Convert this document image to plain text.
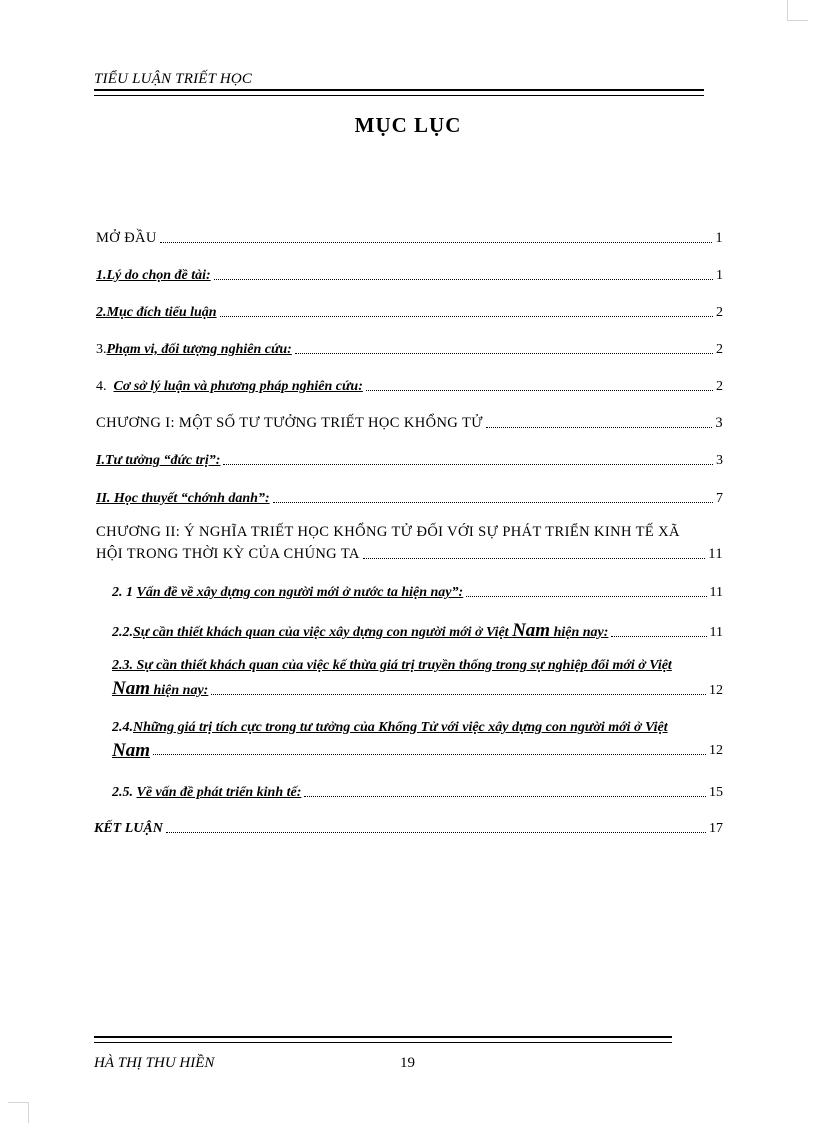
TIỂU LUẬN TRIẾT HỌC
MỤC LỤC
MỞ ĐẦU	1
1.Lý do chọn đề tài:	1
2.Mục đích tiểu luận	2
3.Phạm vi, đối tượng nghiên cứu:	2
4. Cơ sở lý luận và phương pháp nghiên cứu:	2
CHƯƠNG I: MỘT SỐ TƯ TƯỞNG TRIẾT HỌC KHỔNG TỬ	3
I.Tư tưởng “đức trị”:	3
II. Học thuyết “chớnh danh”:	7
CHƯƠNG II: Ý NGHĨA TRIẾT HỌC KHỔNG TỬ ĐỐI VỚI SỰ PHÁT TRIỂN KINH TẾ XÃ
HỘI TRONG THỜI KỲ CỦA CHÚNG TA	11
2. 1 Vấn đề về xây dựng con người mới ở nước ta hiện nay”:	11
2.2.Sự cần thiết khách quan của việc xây dựng con người mới ở Việt Nam hiện nay:	11
2.3. Sự cần thiết khách quan của việc kế thừa giá trị truyền thống trong sự nghiệp đổi mới ở Việt
Nam hiện nay:	12
2.4.Những giá trị tích cực trong tư tưởng của Khổng Tử với việc xây dựng con người mới ở Việt
Nam	12
2.5. Về vấn đề phát triển kinh tế:	15
KẾT LUẬN	17
HÀ THỊ THU HIỀN	19
